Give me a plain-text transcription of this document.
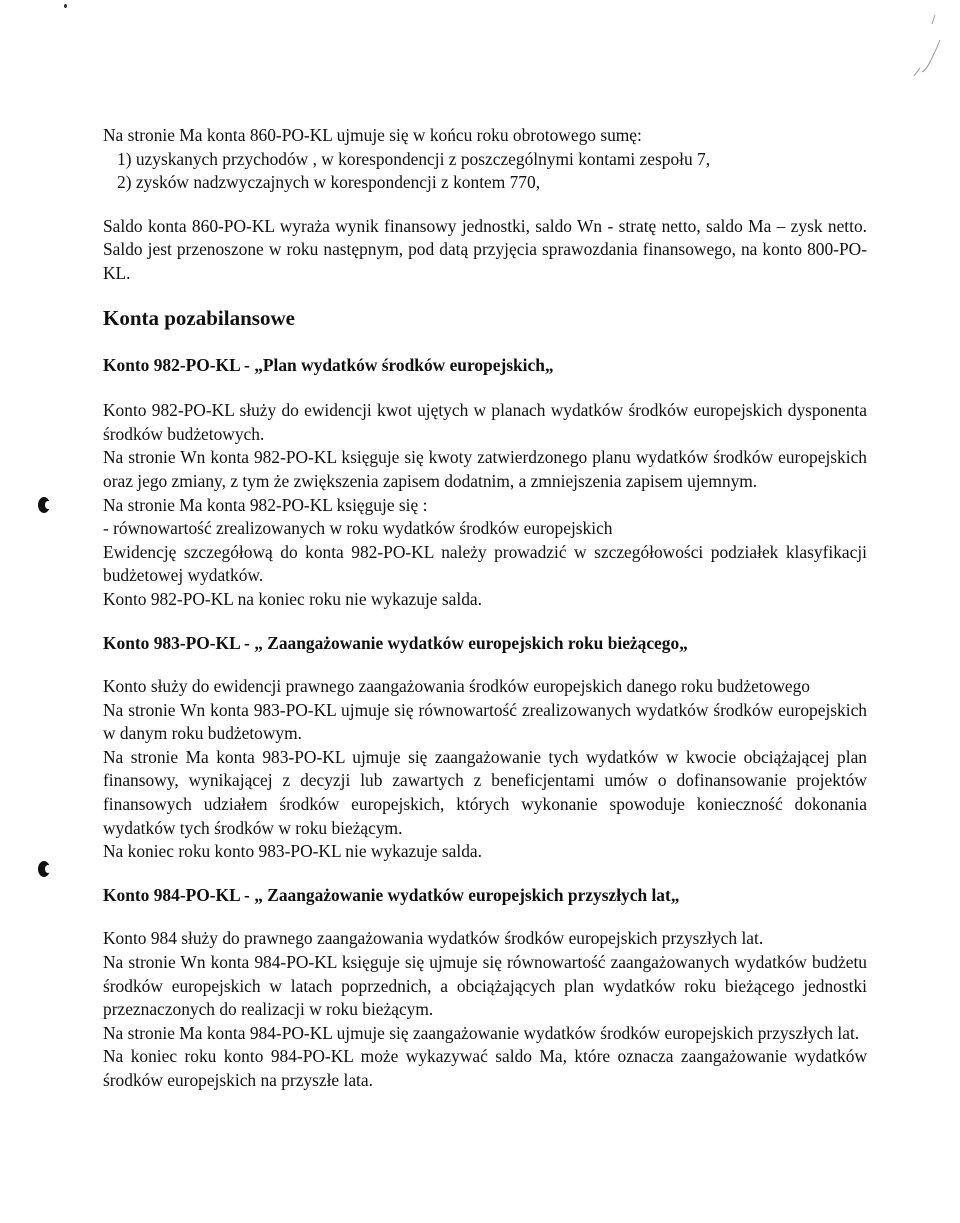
Na stronie Ma konta 860-PO-KL ujmuje się w końcu roku obrotowego sumę:

1) uzyskanych przychodów , w korespondencji z poszczególnymi kontami zespołu 7,

2) zysków nadzwyczajnych w korespondencji z kontem 770,

Saldo konta 860-PO-KL wyraża wynik finansowy jednostki, saldo Wn - stratę netto, saldo Ma – zysk netto. Saldo jest przenoszone w roku następnym, pod datą przyjęcia sprawozdania finansowego, na konto 800-PO-KL.

Konta pozabilansowe

Konto 982-PO-KL - „Plan wydatków środków europejskich„

Konto 982-PO-KL służy do ewidencji kwot ujętych w planach wydatków środków europejskich dysponenta środków budżetowych.

Na stronie Wn konta 982-PO-KL księguje się kwoty zatwierdzonego planu wydatków środków europejskich oraz jego zmiany, z tym że zwiększenia zapisem dodatnim, a zmniejszenia zapisem ujemnym.

Na stronie Ma konta 982-PO-KL księguje się :

- równowartość zrealizowanych w roku wydatków środków europejskich

Ewidencję szczegółową do konta 982-PO-KL należy prowadzić w szczegółowości podziałek klasyfikacji budżetowej wydatków.

Konto 982-PO-KL na koniec roku nie wykazuje salda.

Konto 983-PO-KL - „ Zaangażowanie wydatków europejskich roku bieżącego„

Konto służy do ewidencji prawnego zaangażowania środków europejskich danego roku budżetowego

Na stronie Wn konta 983-PO-KL ujmuje się równowartość zrealizowanych wydatków środków europejskich w danym roku budżetowym.

Na stronie Ma konta 983-PO-KL ujmuje się zaangażowanie tych wydatków w kwocie obciążającej plan finansowy, wynikającej z decyzji lub zawartych z beneficjentami umów o dofinansowanie projektów finansowych udziałem środków europejskich, których wykonanie spowoduje konieczność dokonania wydatków tych środków w roku bieżącym.

Na koniec roku konto 983-PO-KL nie wykazuje salda.

Konto 984-PO-KL - „ Zaangażowanie wydatków europejskich przyszłych lat„

Konto 984 służy do prawnego zaangażowania wydatków środków europejskich przyszłych lat.

Na stronie Wn konta 984-PO-KL księguje się ujmuje się równowartość zaangażowanych wydatków budżetu środków europejskich w latach poprzednich, a obciążających plan wydatków roku bieżącego jednostki przeznaczonych do realizacji w roku bieżącym.

Na stronie Ma konta 984-PO-KL ujmuje się zaangażowanie wydatków środków europejskich przyszłych lat.

Na koniec roku konto 984-PO-KL może wykazywać saldo Ma, które oznacza zaangażowanie wydatków środków europejskich na przyszłe lata.
